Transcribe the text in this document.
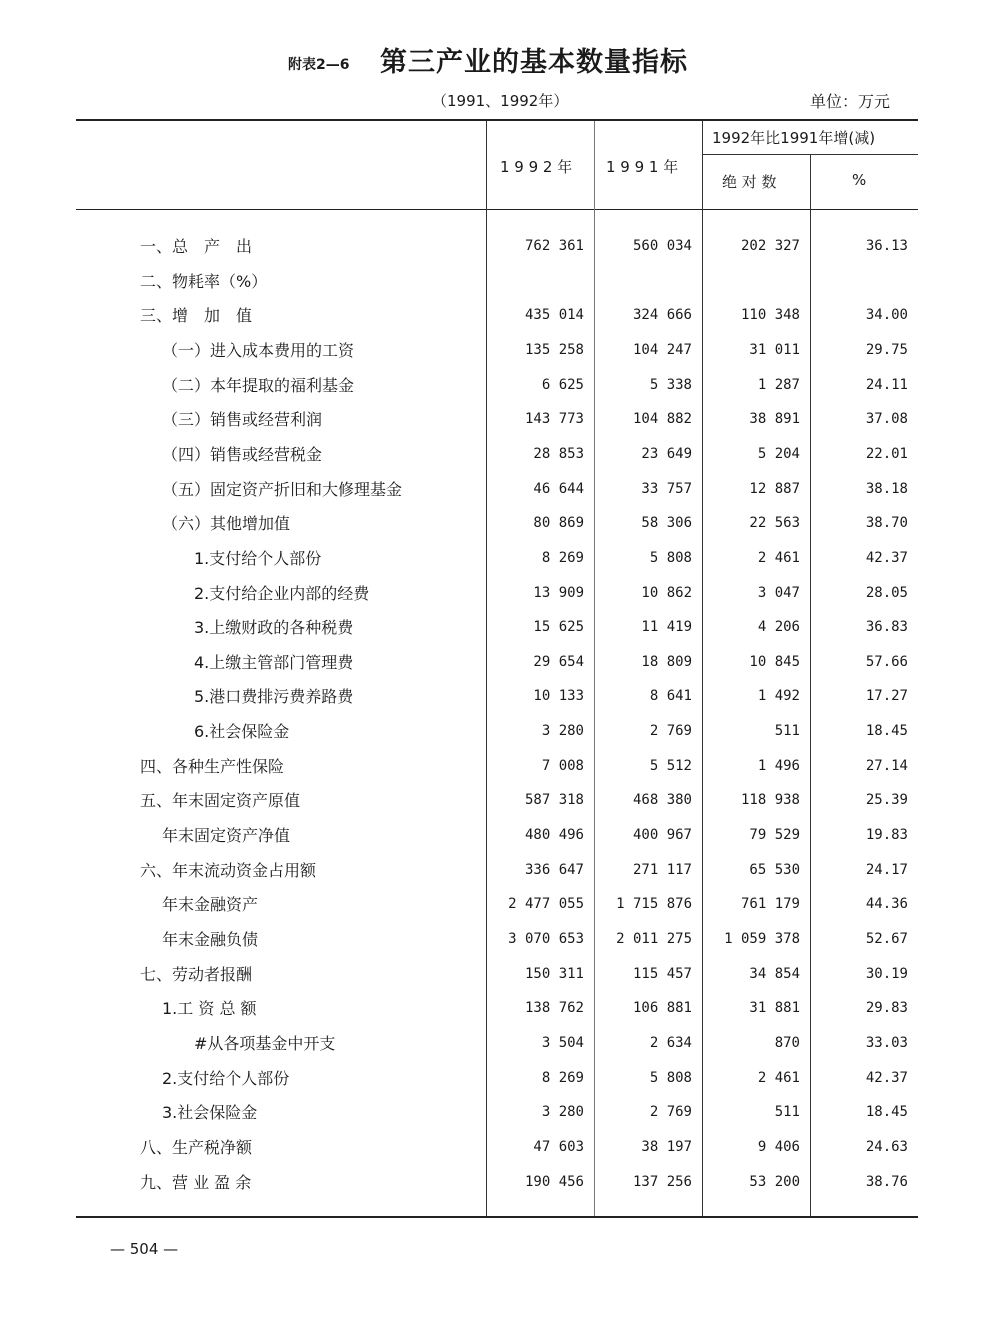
附表2—6 第三产业的基本数量指标
（1991、1992年）	单位：万元
1 9 9 2 年 1 9 9 1 年
1992年比1991年增(减)
绝 对 数	%
一、总　产　出	762 361	560 034	202 327	36.13
二、物耗率（%）
三、增　加　值	435 014	324 666	110 348	34.00
（一）进入成本费用的工资	135 258	104 247	31 011	29.75
（二）本年提取的福利基金	6 625	5 338	1 287	24.11
（三）销售或经营利润	143 773	104 882	38 891	37.08
（四）销售或经营税金	28 853	23 649	5 204	22.01
（五）固定资产折旧和大修理基金	46 644	33 757	12 887	38.18
（六）其他增加值	80 869	58 306	22 563	38.70
1.支付给个人部份	8 269	5 808	2 461	42.37
2.支付给企业内部的经费	13 909	10 862	3 047	28.05
3.上缴财政的各种税费	15 625	11 419	4 206	36.83
4.上缴主管部门管理费	29 654	18 809	10 845	57.66
5.港口费排污费养路费	10 133	8 641	1 492	17.27
6.社会保险金	3 280	2 769	511	18.45
四、各种生产性保险	7 008	5 512	1 496	27.14
五、年末固定资产原值	587 318	468 380	118 938	25.39
年末固定资产净值	480 496	400 967	79 529	19.83
六、年末流动资金占用额	336 647	271 117	65 530	24.17
年末金融资产	2 477 055	1 715 876	761 179	44.36
年末金融负债	3 070 653	2 011 275	1 059 378	52.67
七、劳动者报酬	150 311	115 457	34 854	30.19
1.工 资 总 额	138 762	106 881	31 881	29.83
#从各项基金中开支	3 504	2 634	870	33.03
2.支付给个人部份	8 269	5 808	2 461	42.37
3.社会保险金	3 280	2 769	511	18.45
八、生产税净额	47 603	38 197	9 406	24.63
九、营 业 盈 余	190 456	137 256	53 200	38.76
— 504 —
